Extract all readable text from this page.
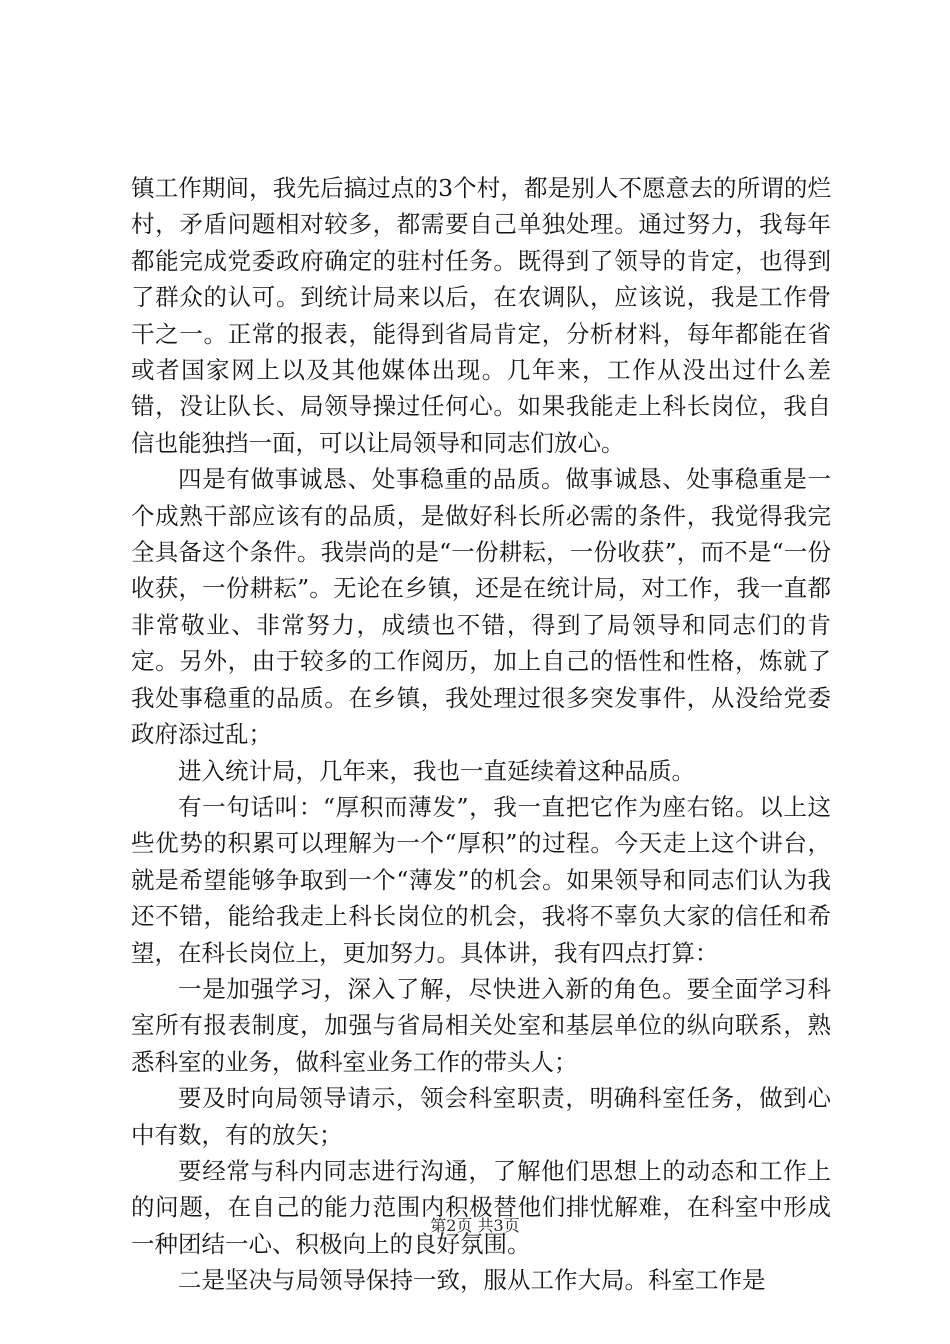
镇工作期间，我先后搞过点的3个村，都是别人不愿意去的所谓的烂村，矛盾问题相对较多，都需要自己单独处理。通过努力，我每年都能完成党委政府确定的驻村任务。既得到了领导的肯定，也得到了群众的认可。到统计局来以后，在农调队，应该说，我是工作骨干之一。正常的报表，能得到省局肯定，分析材料，每年都能在省或者国家网上以及其他媒体出现。几年来，工作从没出过什么差错，没让队长、局领导操过任何心。如果我能走上科长岗位，我自信也能独挡一面，可以让局领导和同志们放心。

四是有做事诚恳、处事稳重的品质。做事诚恳、处事稳重是一个成熟干部应该有的品质，是做好科长所必需的条件，我觉得我完全具备这个条件。我崇尚的是“一份耕耘，一份收获”，而不是“一份收获，一份耕耘”。无论在乡镇，还是在统计局，对工作，我一直都非常敬业、非常努力，成绩也不错，得到了局领导和同志们的肯定。另外，由于较多的工作阅历，加上自己的悟性和性格，炼就了我处事稳重的品质。在乡镇，我处理过很多突发事件，从没给党委政府添过乱；

进入统计局，几年来，我也一直延续着这种品质。

有一句话叫：“厚积而薄发”，我一直把它作为座右铭。以上这些优势的积累可以理解为一个“厚积”的过程。今天走上这个讲台，就是希望能够争取到一个“薄发”的机会。如果领导和同志们认为我还不错，能给我走上科长岗位的机会，我将不辜负大家的信任和希望，在科长岗位上，更加努力。具体讲，我有四点打算：

一是加强学习，深入了解，尽快进入新的角色。要全面学习科室所有报表制度，加强与省局相关处室和基层单位的纵向联系，熟悉科室的业务，做科室业务工作的带头人；

要及时向局领导请示，领会科室职责，明确科室任务，做到心中有数，有的放矢；

要经常与科内同志进行沟通，了解他们思想上的动态和工作上的问题，在自己的能力范围内积极替他们排忧解难，在科室中形成一种团结一心、积极向上的良好氛围。

二是坚决与局领导保持一致，服从工作大局。科室工作是

第2页 共3页
